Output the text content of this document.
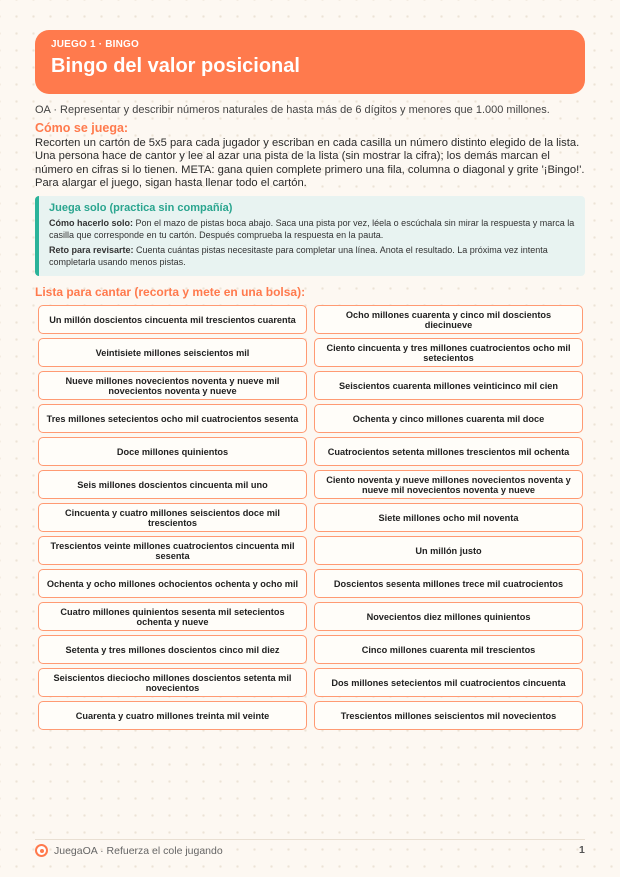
JUEGO 1 · BINGO
Bingo del valor posicional
OA · Representar y describir números naturales de hasta más de 6 dígitos y menores que 1.000 millones.
Cómo se juega:
Recorten un cartón de 5x5 para cada jugador y escriban en cada casilla un número distinto elegido de la lista. Una persona hace de cantor y lee al azar una pista de la lista (sin mostrar la cifra); los demás marcan el número en cifras si lo tienen. META: gana quien complete primero una fila, columna o diagonal y grite '¡Bingo!'. Para alargar el juego, sigan hasta llenar todo el cartón.
Juega solo (practica sin compañía)

Cómo hacerlo solo: Pon el mazo de pistas boca abajo. Saca una pista por vez, léela o escúchala sin mirar la respuesta y marca la casilla que corresponde en tu cartón. Después comprueba la respuesta en la pauta.

Reto para revisarte: Cuenta cuántas pistas necesitaste para completar una línea. Anota el resultado. La próxima vez intenta completarla usando menos pistas.

Lista para cantar (recorta y mete en una bolsa):
Un millón doscientos cincuenta mil trescientos cuarenta	Ocho millones cuarenta y cinco mil doscientos diecinueve
Veintisiete millones seiscientos mil	Ciento cincuenta y tres millones cuatrocientos ocho mil setecientos
Nueve millones novecientos noventa y nueve mil novecientos noventa y nueve	Seiscientos cuarenta millones veinticinco mil cien
Tres millones setecientos ocho mil cuatrocientos sesenta	Ochenta y cinco millones cuarenta mil doce
Doce millones quinientos	Cuatrocientos setenta millones trescientos mil ochenta
Seis millones doscientos cincuenta mil uno	Ciento noventa y nueve millones novecientos noventa y nueve mil novecientos noventa y nueve
Cincuenta y cuatro millones seiscientos doce mil trescientos	Siete millones ocho mil noventa
Trescientos veinte millones cuatrocientos cincuenta mil sesenta	Un millón justo
Ochenta y ocho millones ochocientos ochenta y ocho mil	Doscientos sesenta millones trece mil cuatrocientos
Cuatro millones quinientos sesenta mil setecientos ochenta y nueve	Novecientos diez millones quinientos
Setenta y tres millones doscientos cinco mil diez	Cinco millones cuarenta mil trescientos
Seiscientos dieciocho millones doscientos setenta mil novecientos	Dos millones setecientos mil cuatrocientos cincuenta
Cuarenta y cuatro millones treinta mil veinte	Trescientos millones seiscientos mil novecientos
JuegaOA · Refuerza el cole jugando	1
